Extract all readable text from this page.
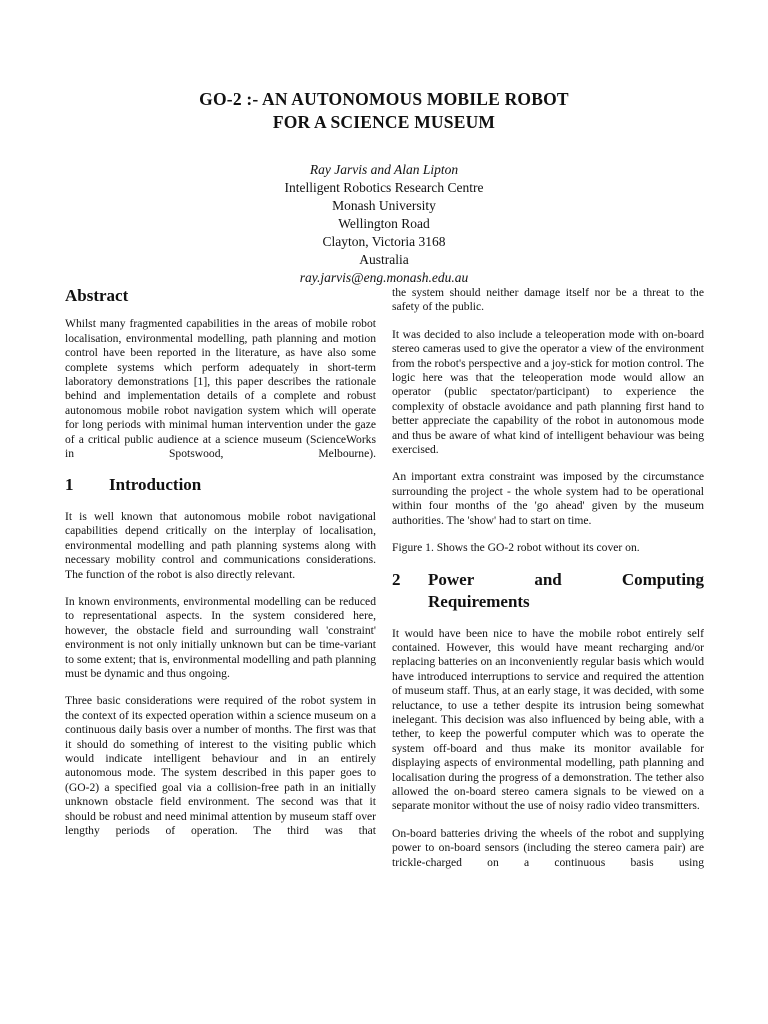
GO-2 :- AN AUTONOMOUS MOBILE ROBOT
FOR A SCIENCE MUSEUM
Ray Jarvis and Alan Lipton
Intelligent Robotics Research Centre
Monash University
Wellington Road
Clayton, Victoria 3168
Australia
ray.jarvis@eng.monash.edu.au
Abstract

Whilst many fragmented capabilities in the areas of mobile robot localisation, environmental modelling, path planning and motion control have been reported in the literature, as have also some complete systems which perform adequately in short-term laboratory demonstrations [1], this paper describes the rationale behind and implementation details of a complete and robust autonomous mobile robot navigation system which will operate for long periods with minimal human intervention under the gaze of a critical public audience at a science museum (ScienceWorks in Spotswood, Melbourne).

1	Introduction

It is well known that autonomous mobile robot navigational capabilities depend critically on the interplay of localisation, environmental modelling and path planning systems along with necessary mobility control and communications considerations. The function of the robot is also directly relevant.

In known environments, environmental modelling can be reduced to representational aspects. In the system considered here, however, the obstacle field and surrounding wall 'constraint' environment is not only initially unknown but can be time-variant to some extent; that is, environmental modelling and path planning must be dynamic and thus ongoing.

Three basic considerations were required of the robot system in the context of its expected operation within a science museum on a continuous daily basis over a number of months. The first was that it should do something of interest to the visiting public which would indicate intelligent behaviour and in an entirely autonomous mode. The system described in this paper goes to (GO-2) a specified goal via a collision-free path in an initially unknown obstacle field environment. The second was that it should be robust and need minimal attention by museum staff over lengthy periods of operation. The third was that

the system should neither damage itself nor be a threat to the safety of the public.

It was decided to also include a teleoperation mode with on-board stereo cameras used to give the operator a view of the environment from the robot's perspective and a joy-stick for motion control. The logic here was that the teleoperation mode would allow an operator (public spectator/participant) to experience the complexity of obstacle avoidance and path planning first hand to better appreciate the capability of the robot in autonomous mode and thus be aware of what kind of intelligent behaviour was being exercised.

An important extra constraint was imposed by the circumstance surrounding the project - the whole system had to be operational within four months of the 'go ahead' given by the museum authorities. The 'show' had to start on time.

Figure 1. Shows the GO-2 robot without its cover on.

2	Power	and	Computing
Requirements

It would have been nice to have the mobile robot entirely self contained. However, this would have meant recharging and/or replacing batteries on an inconveniently regular basis which would have introduced interruptions to service and required the attention of museum staff. Thus, at an early stage, it was decided, with some reluctance, to use a tether despite its intrusion being somewhat inelegant. This decision was also influenced by being able, with a tether, to keep the powerful computer which was to operate the system off-board and thus make its monitor available for displaying aspects of environmental modelling, path planning and localisation during the progress of a demonstration. The tether also allowed the on-board stereo camera signals to be viewed on a separate monitor without the use of noisy radio video transmitters.

On-board batteries driving the wheels of the robot and supplying power to on-board sensors (including the stereo camera pair) are trickle-charged on a continuous basis using
